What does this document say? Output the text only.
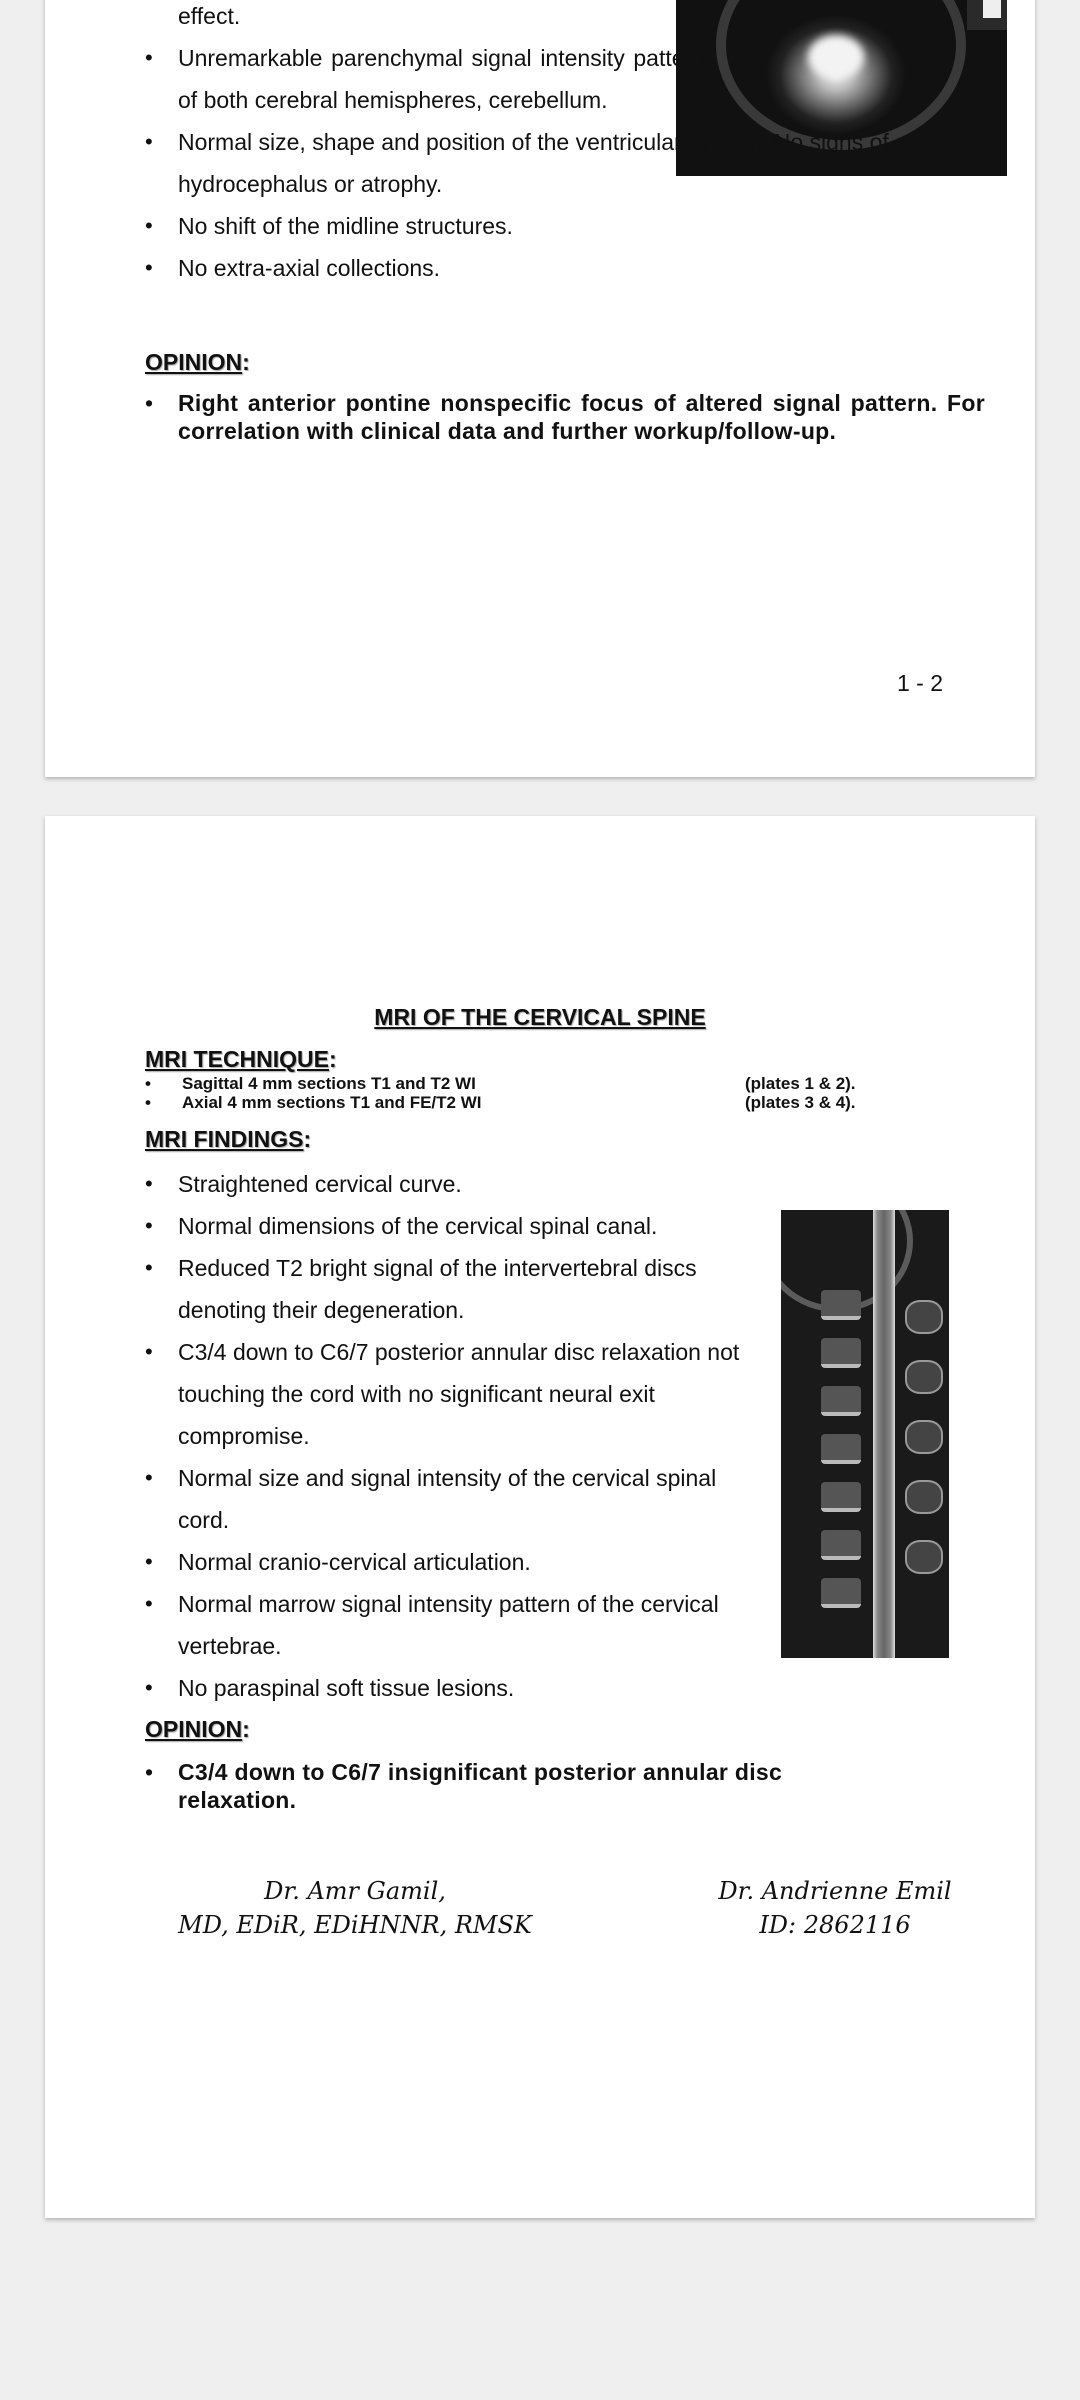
effect.
• Unremarkable parenchymal signal intensity pattern of both cerebral hemispheres, cerebellum.
• Normal size, shape and position of the ventricular system. No signs of hydrocephalus or atrophy.
• No shift of the midline structures.
• No extra-axial collections.
OPINION:
• Right anterior pontine nonspecific focus of altered signal pattern. For correlation with clinical data and further workup/follow-up.
1 - 2
MRI OF THE CERVICAL SPINE
MRI TECHNIQUE:
• Sagittal 4 mm sections T1 and T2 WI	(plates 1 & 2).
• Axial 4 mm sections T1 and FE/T2 WI	(plates 3 & 4).
MRI FINDINGS:
• Straightened cervical curve.
• Normal dimensions of the cervical spinal canal.
• Reduced T2 bright signal of the intervertebral discs denoting their degeneration.
• C3/4 down to C6/7 posterior annular disc relaxation not touching the cord with no significant neural exit compromise.
• Normal size and signal intensity of the cervical spinal cord.
• Normal cranio-cervical articulation.
• Normal marrow signal intensity pattern of the cervical vertebrae.
• No paraspinal soft tissue lesions.
OPINION:
• C3/4 down to C6/7 insignificant posterior annular disc relaxation.
Dr. Amr Gamil,
MD, EDiR, EDiHNNR, RMSK
Dr. Andrienne Emil
ID: 2862116
